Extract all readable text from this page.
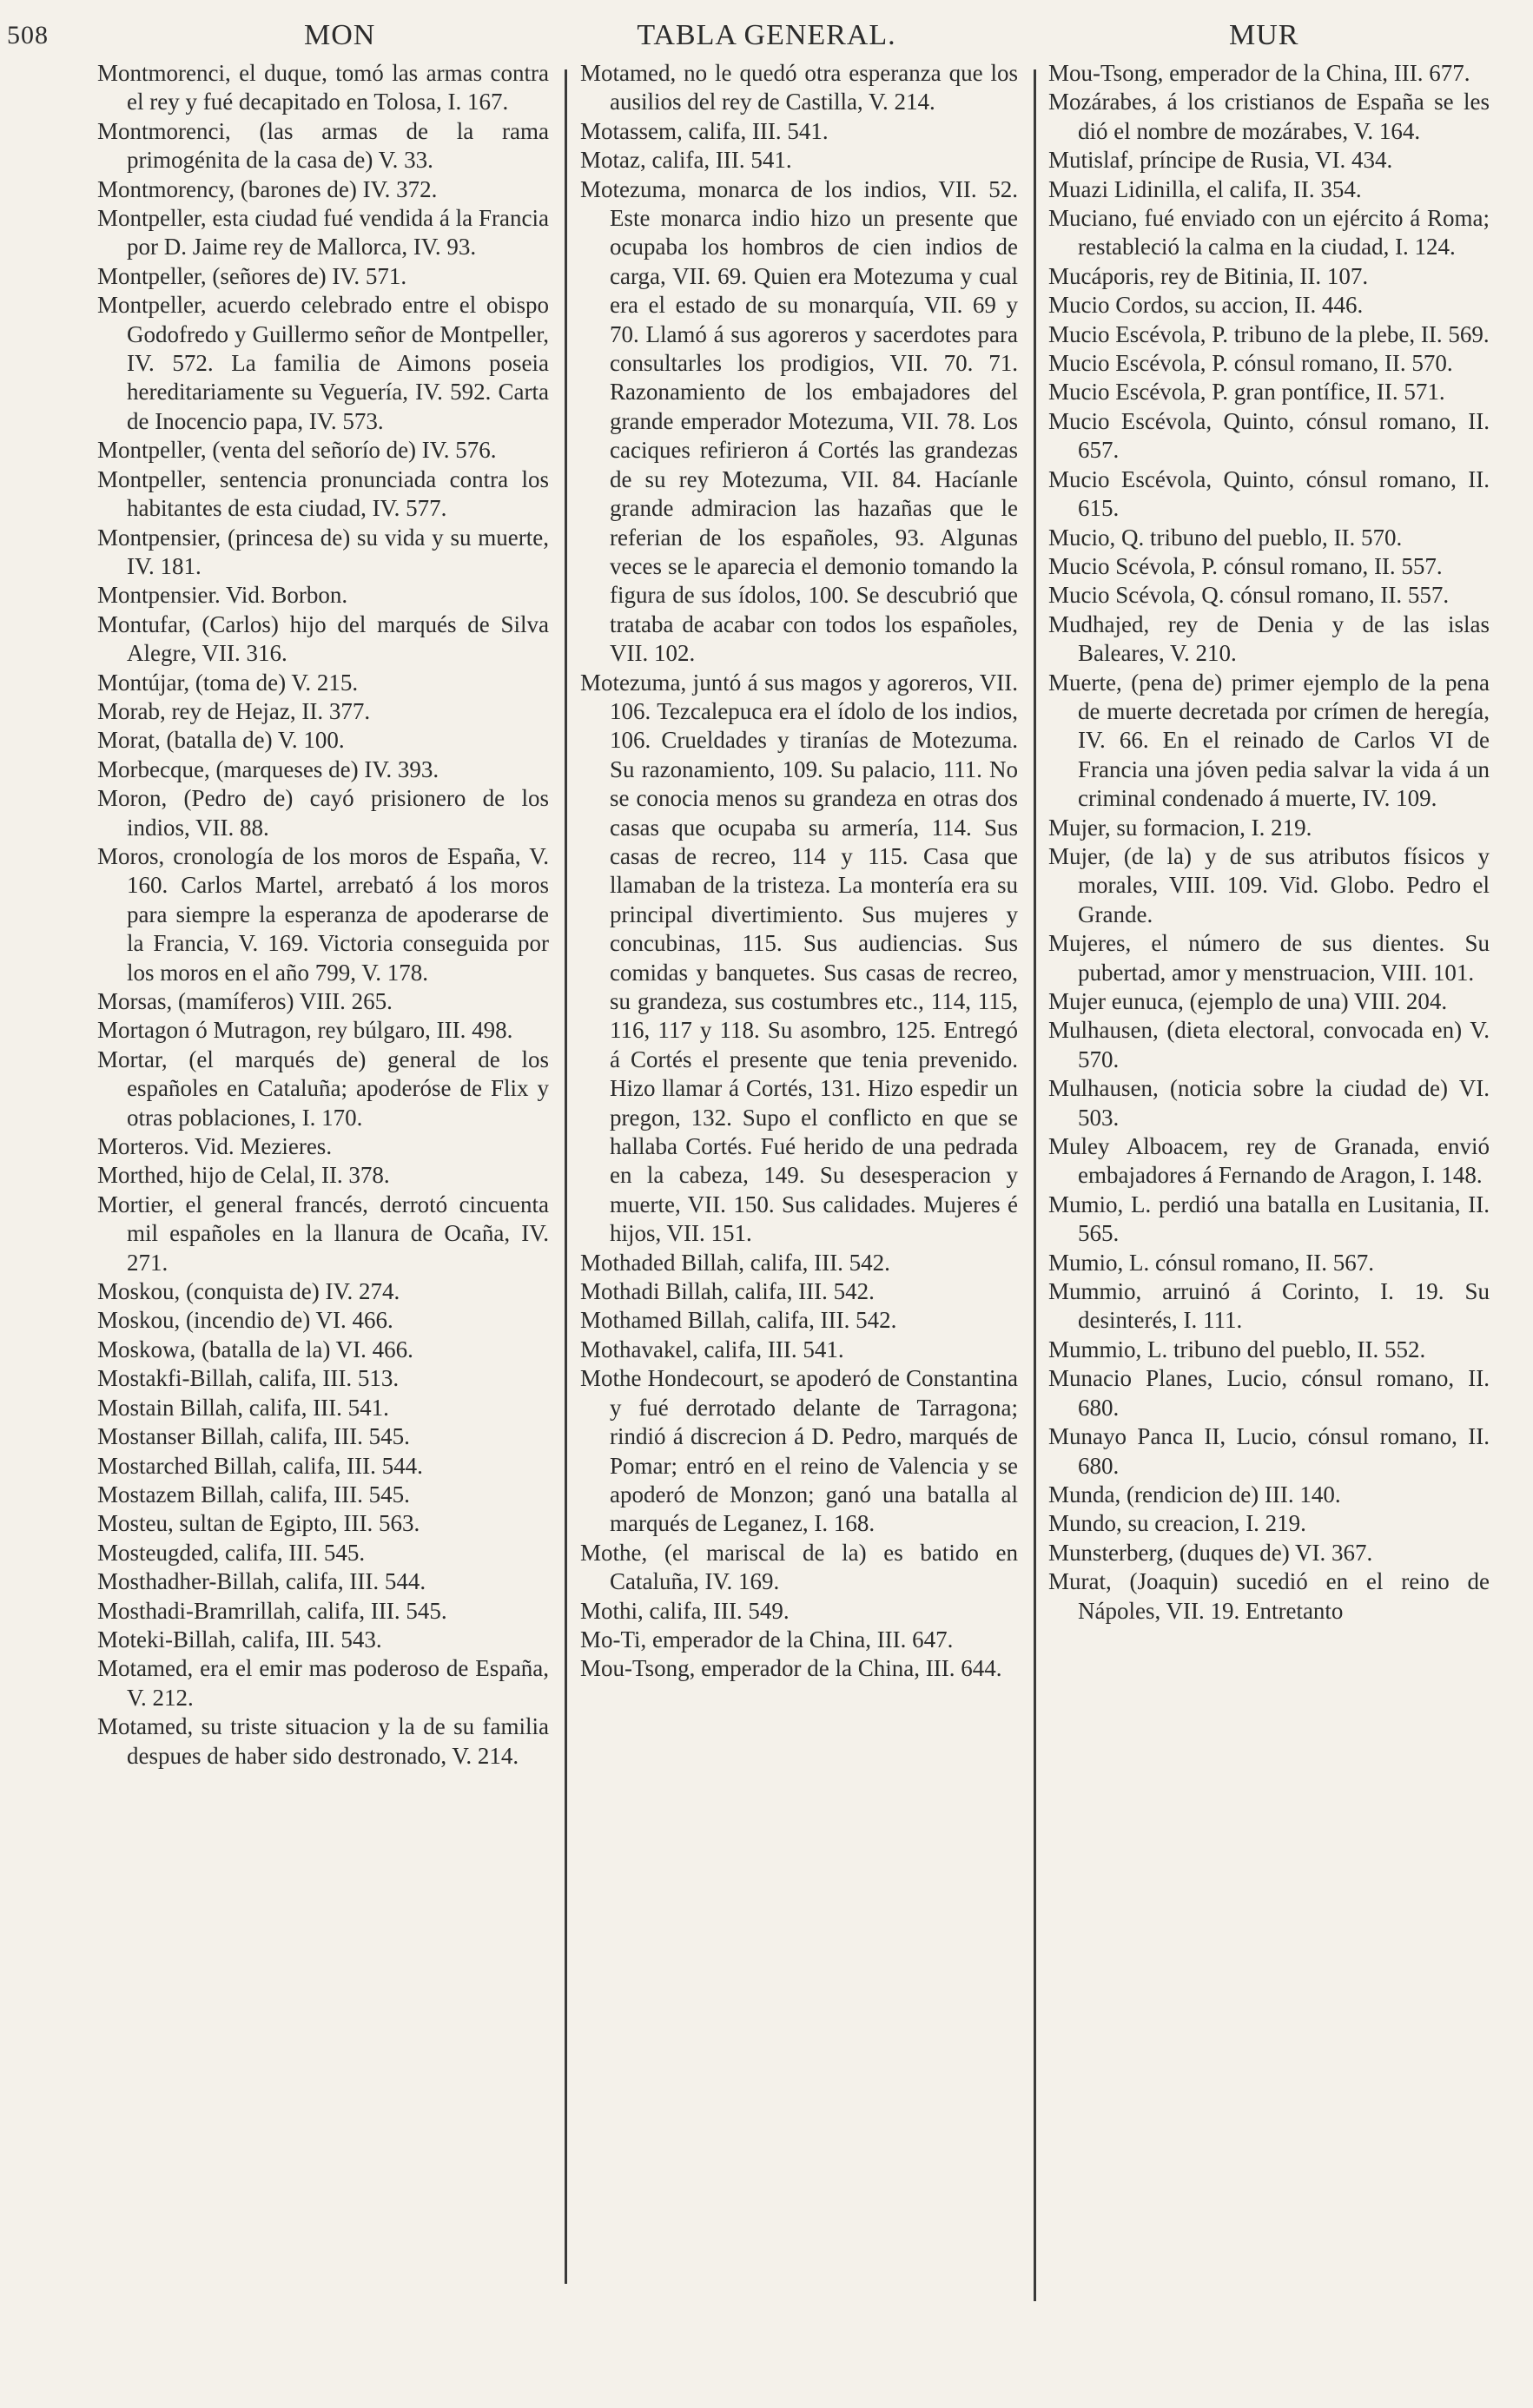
508	MON	TABLA GENERAL.	MUR

Montmorenci, el duque, tomó las armas contra el rey y fué decapitado en Tolosa, I. 167.

Montmorenci, (las armas de la rama primogénita de la casa de) V. 33.

Montmorency, (barones de) IV. 372.

Montpeller, esta ciudad fué vendida á la Francia por D. Jaime rey de Mallorca, IV. 93.

Montpeller, (señores de) IV. 571.

Montpeller, acuerdo celebrado entre el obispo Godofredo y Guillermo señor de Montpeller, IV. 572. La familia de Aimons poseia hereditariamente su Veguería, IV. 592. Carta de Inocencio papa, IV. 573.

Montpeller, (venta del señorío de) IV. 576.

Montpeller, sentencia pronunciada contra los habitantes de esta ciudad, IV. 577.

Montpensier, (princesa de) su vida y su muerte, IV. 181.

Montpensier. Vid. Borbon.

Montufar, (Carlos) hijo del marqués de Silva Alegre, VII. 316.

Montújar, (toma de) V. 215.

Morab, rey de Hejaz, II. 377.

Morat, (batalla de) V. 100.

Morbecque, (marqueses de) IV. 393.

Moron, (Pedro de) cayó prisionero de los indios, VII. 88.

Moros, cronología de los moros de España, V. 160. Carlos Martel, arrebató á los moros para siempre la esperanza de apoderarse de la Francia, V. 169. Victoria conseguida por los moros en el año 799, V. 178.

Morsas, (mamíferos) VIII. 265.

Mortagon ó Mutragon, rey búlgaro, III. 498.

Mortar, (el marqués de) general de los españoles en Cataluña; apoderóse de Flix y otras poblaciones, I. 170.

Morteros. Vid. Mezieres.

Morthed, hijo de Celal, II. 378.

Mortier, el general francés, derrotó cincuenta mil españoles en la llanura de Ocaña, IV. 271.

Moskou, (conquista de) IV. 274.

Moskou, (incendio de) VI. 466.

Moskowa, (batalla de la) VI. 466.

Mostakfi-Billah, califa, III. 513.

Mostain Billah, califa, III. 541.

Mostanser Billah, califa, III. 545.

Mostarched Billah, califa, III. 544.

Mostazem Billah, califa, III. 545.

Mosteu, sultan de Egipto, III. 563.

Mosteugded, califa, III. 545.

Mosthadher-Billah, califa, III. 544.

Mosthadi-Bramrillah, califa, III. 545.

Moteki-Billah, califa, III. 543.

Motamed, era el emir mas poderoso de España, V. 212.

Motamed, su triste situacion y la de su familia despues de haber sido destronado, V. 214.

Motamed, no le quedó otra esperanza que los ausilios del rey de Castilla, V. 214.

Motassem, califa, III. 541.

Motaz, califa, III. 541.

Motezuma, monarca de los indios, VII. 52. Este monarca indio hizo un presente que ocupaba los hombros de cien indios de carga, VII. 69. Quien era Motezuma y cual era el estado de su monarquía, VII. 69 y 70. Llamó á sus agoreros y sacerdotes para consultarles los prodigios, VII. 70. 71. Razonamiento de los embajadores del grande emperador Motezuma, VII. 78. Los caciques refirieron á Cortés las grandezas de su rey Motezuma, VII. 84. Hacíanle grande admiracion las hazañas que le referian de los españoles, 93. Algunas veces se le aparecia el demonio tomando la figura de sus ídolos, 100. Se descubrió que trataba de acabar con todos los españoles, VII. 102.

Motezuma, juntó á sus magos y agoreros, VII. 106. Tezcalepuca era el ídolo de los indios, 106. Crueldades y tiranías de Motezuma. Su razonamiento, 109. Su palacio, 111. No se conocia menos su grandeza en otras dos casas que ocupaba su armería, 114. Sus casas de recreo, 114 y 115. Casa que llamaban de la tristeza. La montería era su principal divertimiento. Sus mujeres y concubinas, 115. Sus audiencias. Sus comidas y banquetes. Sus casas de recreo, su grandeza, sus costumbres etc., 114, 115, 116, 117 y 118. Su asombro, 125. Entregó á Cortés el presente que tenia prevenido. Hizo llamar á Cortés, 131. Hizo espedir un pregon, 132. Supo el conflicto en que se hallaba Cortés. Fué herido de una pedrada en la cabeza, 149. Su desesperacion y muerte, VII. 150. Sus calidades. Mujeres é hijos, VII. 151.

Mothaded Billah, califa, III. 542.

Mothadi Billah, califa, III. 542.

Mothamed Billah, califa, III. 542.

Mothavakel, califa, III. 541.

Mothe Hondecourt, se apoderó de Constantina y fué derrotado delante de Tarragona; rindió á discrecion á D. Pedro, marqués de Pomar; entró en el reino de Valencia y se apoderó de Monzon; ganó una batalla al marqués de Leganez, I. 168.

Mothe, (el mariscal de la) es batido en Cataluña, IV. 169.

Mothi, califa, III. 549.

Mo-Ti, emperador de la China, III. 647.

Mou-Tsong, emperador de la China, III. 644.

Mou-Tsong, emperador de la China, III. 677.

Mozárabes, á los cristianos de España se les dió el nombre de mozárabes, V. 164.

Mutislaf, príncipe de Rusia, VI. 434.

Muazi Lidinilla, el califa, II. 354.

Muciano, fué enviado con un ejército á Roma; restableció la calma en la ciudad, I. 124.

Mucáporis, rey de Bitinia, II. 107.

Mucio Cordos, su accion, II. 446.

Mucio Escévola, P. tribuno de la plebe, II. 569.

Mucio Escévola, P. cónsul romano, II. 570.

Mucio Escévola, P. gran pontífice, II. 571.

Mucio Escévola, Quinto, cónsul romano, II. 657.

Mucio Escévola, Quinto, cónsul romano, II. 615.

Mucio, Q. tribuno del pueblo, II. 570.

Mucio Scévola, P. cónsul romano, II. 557.

Mucio Scévola, Q. cónsul romano, II. 557.

Mudhajed, rey de Denia y de las islas Baleares, V. 210.

Muerte, (pena de) primer ejemplo de la pena de muerte decretada por crímen de heregía, IV. 66. En el reinado de Carlos VI de Francia una jóven pedia salvar la vida á un criminal condenado á muerte, IV. 109.

Mujer, su formacion, I. 219.

Mujer, (de la) y de sus atributos físicos y morales, VIII. 109. Vid. Globo. Pedro el Grande.

Mujeres, el número de sus dientes. Su pubertad, amor y menstruacion, VIII. 101.

Mujer eunuca, (ejemplo de una) VIII. 204.

Mulhausen, (dieta electoral, convocada en) V. 570.

Mulhausen, (noticia sobre la ciudad de) VI. 503.

Muley Alboacem, rey de Granada, envió embajadores á Fernando de Aragon, I. 148.

Mumio, L. perdió una batalla en Lusitania, II. 565.

Mumio, L. cónsul romano, II. 567.

Mummio, arruinó á Corinto, I. 19. Su desinterés, I. 111.

Mummio, L. tribuno del pueblo, II. 552.

Munacio Planes, Lucio, cónsul romano, II. 680.

Munayo Panca II, Lucio, cónsul romano, II. 680.

Munda, (rendicion de) III. 140.

Mundo, su creacion, I. 219.

Munsterberg, (duques de) VI. 367.

Murat, (Joaquin) sucedió en el reino de Nápoles, VII. 19. Entretanto
